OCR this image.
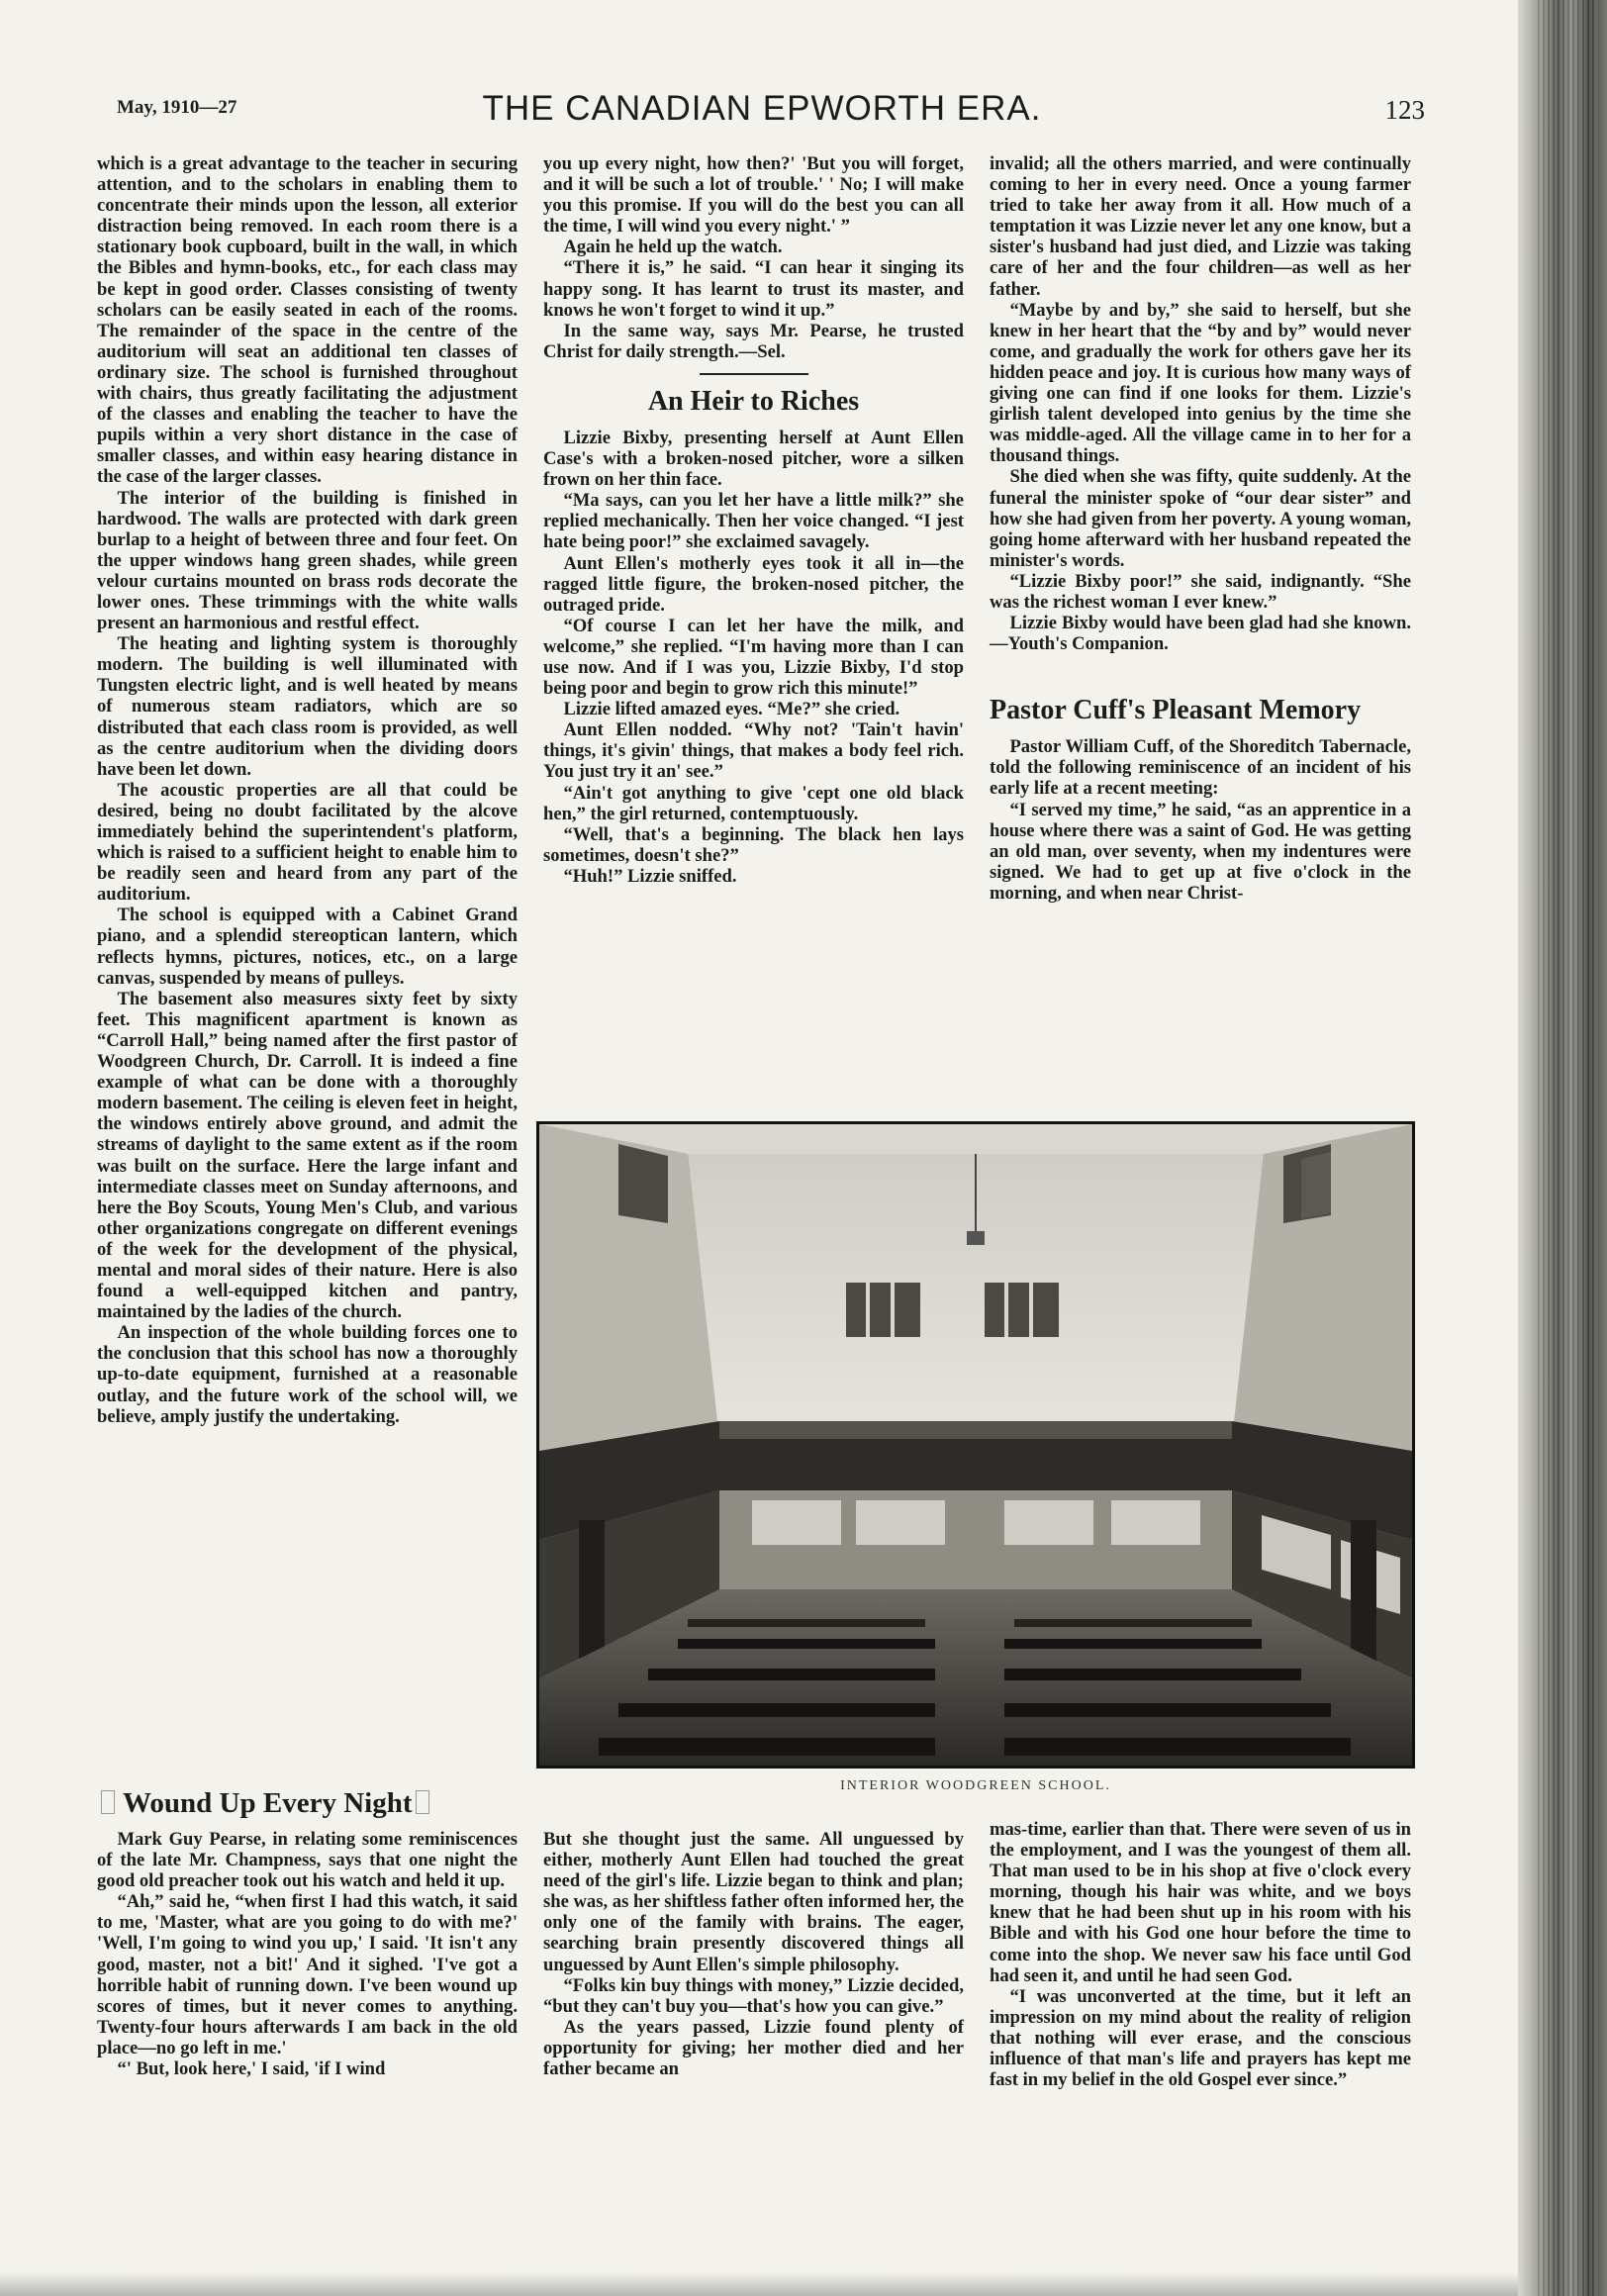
May, 1910—27	THE CANADIAN EPWORTH ERA.	123

which is a great advantage to the teacher in securing attention, and to the scholars in enabling them to concentrate their minds upon the lesson, all exterior distraction being removed. In each room there is a stationary book cupboard, built in the wall, in which the Bibles and hymn-books, etc., for each class may be kept in good order. Classes consisting of twenty scholars can be easily seated in each of the rooms. The remainder of the space in the centre of the auditorium will seat an additional ten classes of ordinary size. The school is furnished throughout with chairs, thus greatly facilitating the adjustment of the classes and enabling the teacher to have the pupils within a very short distance in the case of smaller classes, and within easy hearing distance in the case of the larger classes.

The interior of the building is finished in hardwood. The walls are protected with dark green burlap to a height of between three and four feet. On the upper windows hang green shades, while green velour curtains mounted on brass rods decorate the lower ones. These trimmings with the white walls present an harmonious and restful effect.

The heating and lighting system is thoroughly modern. The building is well illuminated with Tungsten electric light, and is well heated by means of numerous steam radiators, which are so distributed that each class room is provided, as well as the centre auditorium when the dividing doors have been let down.

The acoustic properties are all that could be desired, being no doubt facilitated by the alcove immediately behind the superintendent's platform, which is raised to a sufficient height to enable him to be readily seen and heard from any part of the auditorium.

The school is equipped with a Cabinet Grand piano, and a splendid stereoptican lantern, which reflects hymns, pictures, notices, etc., on a large canvas, suspended by means of pulleys.

The basement also measures sixty feet by sixty feet. This magnificent apartment is known as “Carroll Hall,” being named after the first pastor of Woodgreen Church, Dr. Carroll. It is indeed a fine example of what can be done with a thoroughly modern basement. The ceiling is eleven feet in height, the windows entirely above ground, and admit the streams of daylight to the same extent as if the room was built on the surface. Here the large infant and intermediate classes meet on Sunday afternoons, and here the Boy Scouts, Young Men's Club, and various other organizations congregate on different evenings of the week for the development of the physical, mental and moral sides of their nature. Here is also found a well-equipped kitchen and pantry, maintained by the ladies of the church.

An inspection of the whole building forces one to the conclusion that this school has now a thoroughly up-to-date equipment, furnished at a reasonable outlay, and the future work of the school will, we believe, amply justify the undertaking.

you up every night, how then?' 'But you will forget, and it will be such a lot of trouble.' ' No; I will make you this promise. If you will do the best you can all the time, I will wind you every night.' ”

Again he held up the watch.

“There it is,” he said. “I can hear it singing its happy song. It has learnt to trust its master, and knows he won't forget to wind it up.”

In the same way, says Mr. Pearse, he trusted Christ for daily strength.—Sel.

An Heir to Riches

Lizzie Bixby, presenting herself at Aunt Ellen Case's with a broken-nosed pitcher, wore a silken frown on her thin face.

“Ma says, can you let her have a little milk?” she replied mechanically. Then her voice changed. “I jest hate being poor!” she exclaimed savagely.

Aunt Ellen's motherly eyes took it all in—the ragged little figure, the broken-nosed pitcher, the outraged pride.

“Of course I can let her have the milk, and welcome,” she replied. “I'm having more than I can use now. And if I was you, Lizzie Bixby, I'd stop being poor and begin to grow rich this minute!”

Lizzie lifted amazed eyes. “Me?” she cried.

Aunt Ellen nodded. “Why not? 'Tain't havin' things, it's givin' things, that makes a body feel rich. You just try it an' see.”

“Ain't got anything to give 'cept one old black hen,” the girl returned, contemptuously.

“Well, that's a beginning. The black hen lays sometimes, doesn't she?”

“Huh!” Lizzie sniffed.

invalid; all the others married, and were continually coming to her in every need. Once a young farmer tried to take her away from it all. How much of a temptation it was Lizzie never let any one know, but a sister's husband had just died, and Lizzie was taking care of her and the four children—as well as her father.

“Maybe by and by,” she said to herself, but she knew in her heart that the “by and by” would never come, and gradually the work for others gave her its hidden peace and joy. It is curious how many ways of giving one can find if one looks for them. Lizzie's girlish talent developed into genius by the time she was middle-aged. All the village came in to her for a thousand things.

She died when she was fifty, quite suddenly. At the funeral the minister spoke of “our dear sister” and how she had given from her poverty. A young woman, going home afterward with her husband repeated the minister's words.

“Lizzie Bixby poor!” she said, indignantly. “She was the richest woman I ever knew.”

Lizzie Bixby would have been glad had she known.—Youth's Companion.

Pastor Cuff's Pleasant Memory

Pastor William Cuff, of the Shoreditch Tabernacle, told the following reminiscence of an incident of his early life at a recent meeting:

“I served my time,” he said, “as an apprentice in a house where there was a saint of God. He was getting an old man, over seventy, when my indentures were signed. We had to get up at five o'clock in the morning, and when near Christ-

INTERIOR WOODGREEN SCHOOL.
Wound Up Every Night

Mark Guy Pearse, in relating some reminiscences of the late Mr. Champness, says that one night the good old preacher took out his watch and held it up.

“Ah,” said he, “when first I had this watch, it said to me, 'Master, what are you going to do with me?' 'Well, I'm going to wind you up,' I said. 'It isn't any good, master, not a bit!' And it sighed. 'I've got a horrible habit of running down. I've been wound up scores of times, but it never comes to anything. Twenty-four hours afterwards I am back in the old place—no go left in me.'

“' But, look here,' I said, 'if I wind

But she thought just the same. All unguessed by either, motherly Aunt Ellen had touched the great need of the girl's life. Lizzie began to think and plan; she was, as her shiftless father often informed her, the only one of the family with brains. The eager, searching brain presently discovered things all unguessed by Aunt Ellen's simple philosophy.

“Folks kin buy things with money,” Lizzie decided, “but they can't buy you—that's how you can give.”

As the years passed, Lizzie found plenty of opportunity for giving; her mother died and her father became an

mas-time, earlier than that. There were seven of us in the employment, and I was the youngest of them all. That man used to be in his shop at five o'clock every morning, though his hair was white, and we boys knew that he had been shut up in his room with his Bible and with his God one hour before the time to come into the shop. We never saw his face until God had seen it, and until he had seen God.

“I was unconverted at the time, but it left an impression on my mind about the reality of religion that nothing will ever erase, and the conscious influence of that man's life and prayers has kept me fast in my belief in the old Gospel ever since.”
